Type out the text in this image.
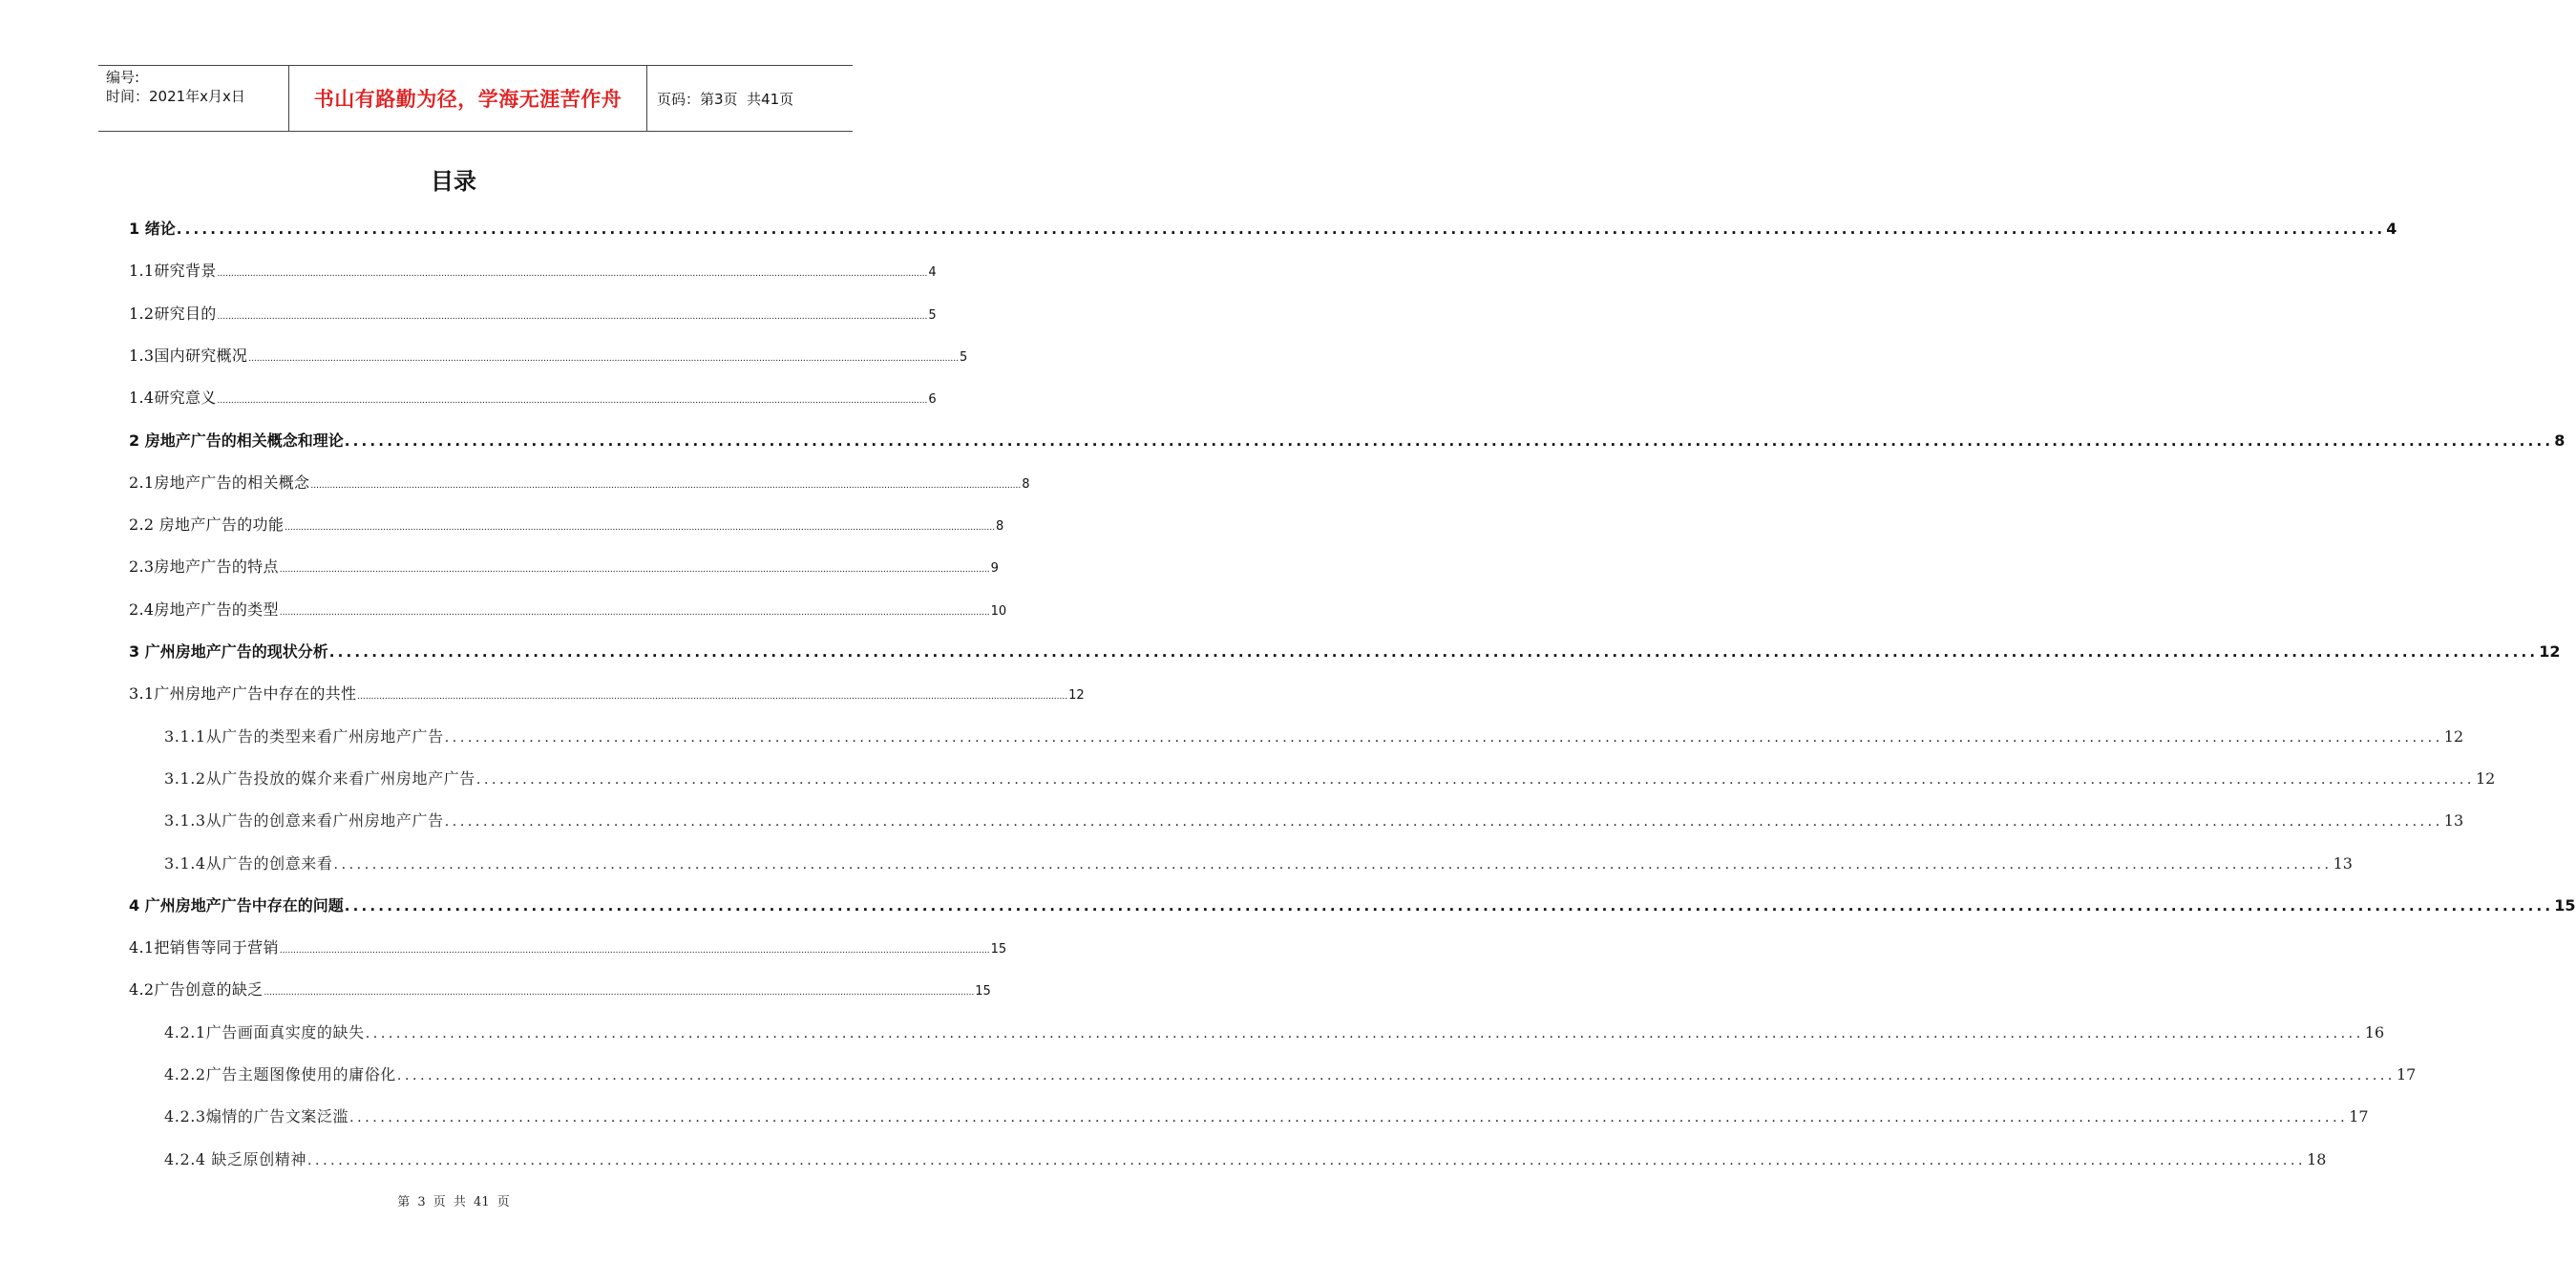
编号:
时间：2021年x月x日	书山有路勤为径，学海无涯苦作舟	页码：第3页  共41页
目录
1 绪论 .................................................................................................................................................................................................................................................................... 4
1.1研究背景 .................................................................................................................................................................................................................................................................... 4
1.2研究目的 .................................................................................................................................................................................................................................................................... 5
1.3国内研究概况 .................................................................................................................................................................................................................................................................... 5
1.4研究意义 .................................................................................................................................................................................................................................................................... 6
2 房地产广告的相关概念和理论 .................................................................................................................................................................................................................................................................... 8
2.1房地产广告的相关概念 .................................................................................................................................................................................................................................................................... 8
2.2 房地产广告的功能 .................................................................................................................................................................................................................................................................... 8
2.3房地产广告的特点 .................................................................................................................................................................................................................................................................... 9
2.4房地产广告的类型 .................................................................................................................................................................................................................................................................... 10
3 广州房地产广告的现状分析 .................................................................................................................................................................................................................................................................... 12
3.1广州房地产广告中存在的共性 .................................................................................................................................................................................................................................................................... 12
3.1.1从广告的类型来看广州房地产广告 .................................................................................................................................................................................................................................................................... 12
3.1.2从广告投放的媒介来看广州房地产广告 .................................................................................................................................................................................................................................................................... 12
3.1.3从广告的创意来看广州房地产广告 .................................................................................................................................................................................................................................................................... 13
3.1.4从广告的创意来看 .................................................................................................................................................................................................................................................................... 13
4 广州房地产广告中存在的问题 .................................................................................................................................................................................................................................................................... 15
4.1把销售等同于营销 .................................................................................................................................................................................................................................................................... 15
4.2广告创意的缺乏 .................................................................................................................................................................................................................................................................... 15
4.2.1广告画面真实度的缺失 .................................................................................................................................................................................................................................................................... 16
4.2.2广告主题图像使用的庸俗化 .................................................................................................................................................................................................................................................................... 17
4.2.3煽情的广告文案泛滥 .................................................................................................................................................................................................................................................................... 17
4.2.4 缺乏原创精神 .................................................................................................................................................................................................................................................................... 18
第 3 页 共 41 页
